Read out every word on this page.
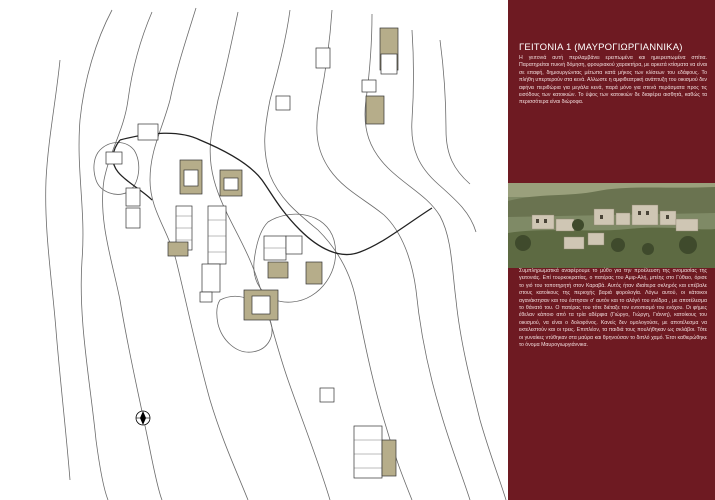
ΓΕΙΤΟΝΙΑ 1 (ΜΑΥΡΟΓΙΩΡΓΙΑΝΝΙΚΑ)
Η γειτονιά αυτή περιλαμβάνει ερειπωμένα και ημιερειπωμένα σπίτια. Παρατηρείται πυκνή δόμηση, φρουριακού χαρακτήρα, με αρκετά κτίσματα να είναι σε επαφή, δημιουργώντας μέτωπα κατά μήκος των κλίσεων του εδάφους. Το πλήθη υπερτερούν στα κενά. Αλλωστε η αμφιθεατρική ανάπτυξη του οικισμού δεν αφήνει περιθώρια για μεγάλα κενά, παρά μόνο για στενά περάσματα προς τις εισόδους των κατοικιών. Το ύψος των κατοικιών δε διαφέρει αισθητά, καθώς τα περισσότερα είναι διώροφα.
Συμπληρωματικά αναφέρουμε το μύθο για την προέλευση της ονομασίας της γειτονιάς. Επί τουρκοκρατίας, ο πατέρας του Αμιρ-Αλή, μπέης στο Γύθειο, όρισε το γιό του τοποτηρητή στον Καραβά. Αυτός ήταν ιδιαίτερα σκληρός και επέβαλε στους κατοίκους της περιοχής βαριά φορολογία. Λόγω αυτού, οι κάτοικοι αγανάκτησαν και του έστησαν σ' αυτόν και το αλόγό του ενέδρα , με αποτέλεσμα το θάνατό του. Ο πατέρας του τότε διέταξε τον εντοπισμό του ενόχου. Οι φήμες έθελαν κάποιο από τα τρία αδέρφια (Γιώργο, Γιώργη, Γιάννη), κατοίκους του οικισμού, να είναι ο δολοφόνος. Κανείς δεν ομολογούσε, με αποτέλεσμα να εκτελεστούν και οι τρεις. Επιπλέον, τα παιδιά τους πουλήθηκαν ως σκλάβοι. Τότε οι γυναίκες ντύθηκαν στα μαύρα και θρηνούσαν το διπλό χαμό. Έτσι καθιερώθηκε το όνομα Μαυρογιωργιάννικα.
